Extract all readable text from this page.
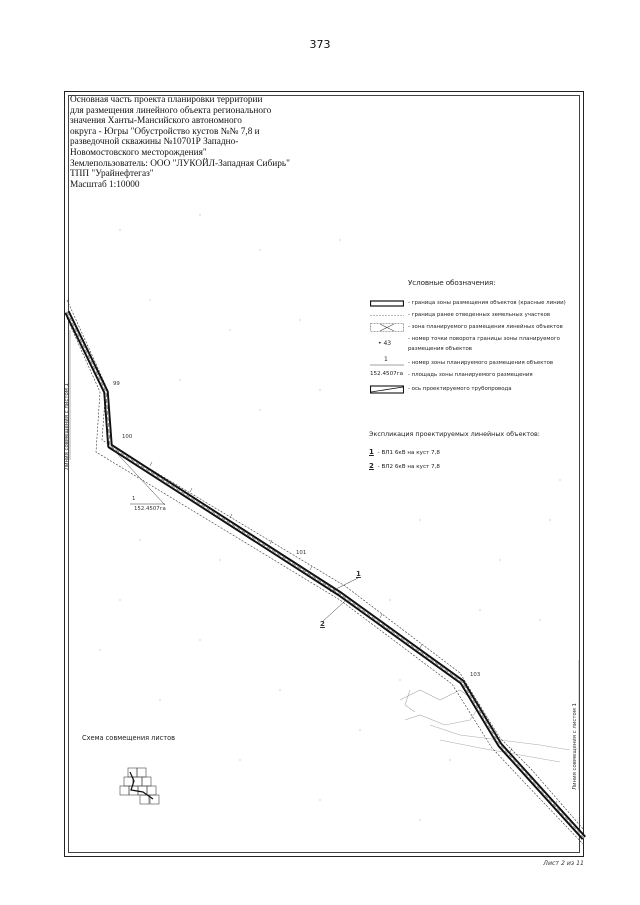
373
Основная часть проекта планировки территории
для размещения линейного объекта регионального
значения Ханты-Мансийского автономного
округа - Югры "Обустройство кустов №№ 7,8 и
разведочной скважины №10701Р Западно-
Новомостовского месторождения"
Землепользователь: ООО "ЛУКОЙЛ-Западная Сибирь"
ТПП "Урайнефтегаз"
Масштаб 1:10000
99
100
101
103
1
152.4507га
1
2
Линия совмещения с листом 1
Линия совмещения с листом 1
Условные обозначения:
- граница зоны размещения объектов (красные линии)
- граница ранее отведенных земельных участков
- зона планируемого размещения линейных объектов
• 43
- номер точки поворота границы зоны планируемого
размещения объектов
1	- номер зоны планируемого размещения объектов
152.4507га - площадь зоны планируемого размещения
- ось проектируемого трубопровода
Экспликация проектируемых линейных объектов:
1 - ВЛ1 6кВ на куст 7,8
2 - ВЛ2 6кВ на куст 7,8
Схема совмещения листов
Лист 2 из 11
